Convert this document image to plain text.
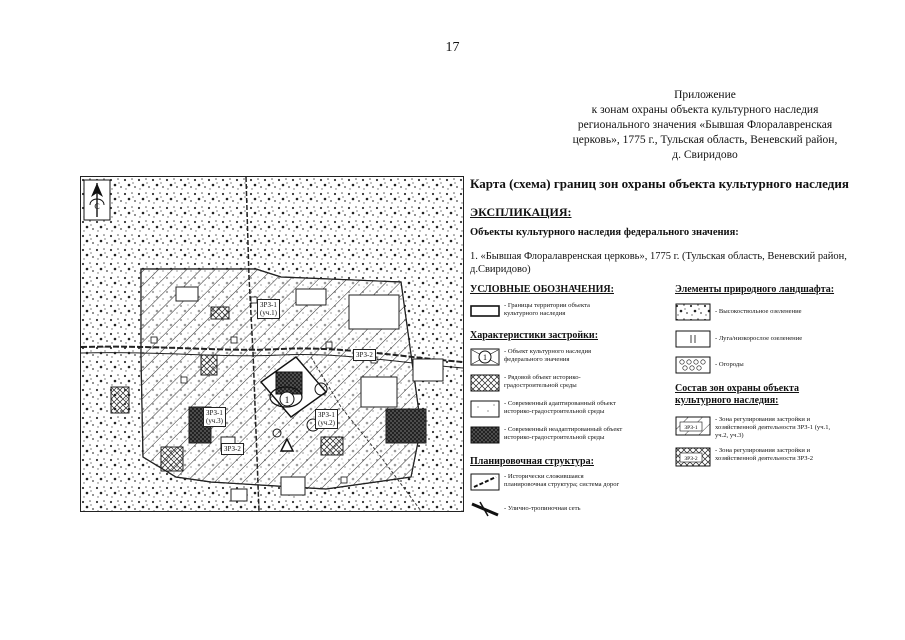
17
Приложение
к зонам охраны объекта культурного наследия
регионального значения «Бывшая Флоралавренская
церковь», 1775 г., Тульская область, Веневский район,
д. Свиридово
1
С
ЗРЗ-1
(уч.1)
ЗРЗ-2
ЗРЗ-1
(уч.3)
ЗРЗ-1
(уч.2)
ЗРЗ-2
Карта (схема) границ зон охраны объекта культурного наследия
ЭКСПЛИКАЦИЯ:
Объекты культурного наследия федерального значения:
1. «Бывшая Флоралавренская церковь», 1775 г. (Тульская область, Веневский район, д.Свиридово)
УСЛОВНЫЕ ОБОЗНАЧЕНИЯ:
- Границы территории объекта
культурного наследия
Характеристики застройки:
1
- Объект культурного наследия
федерального значения
- Рядовой объект историко-
градостроительной среды
- Современный адаптированный объект
историко-градостроительной среды
- Современный неадаптированный объект
историко-градостроительной среды
Планировочная структура:
- Исторически сложившаяся
планировочная структура; система дорог
- Улично-тропиночная сеть
Элементы природного ландшафта:
- Высокоствольное озеленение
- Луга/низкорослое озеленение
- Огороды
Состав зон охраны объекта
культурного наследия:
ЗРЗ-1
- Зона регулирования застройки и
хозяйственной деятельности ЗРЗ-1 (уч.1,
уч.2, уч.3)
ЗРЗ-2
- Зона регулирования застройки и
хозяйственной деятельности ЗРЗ-2
